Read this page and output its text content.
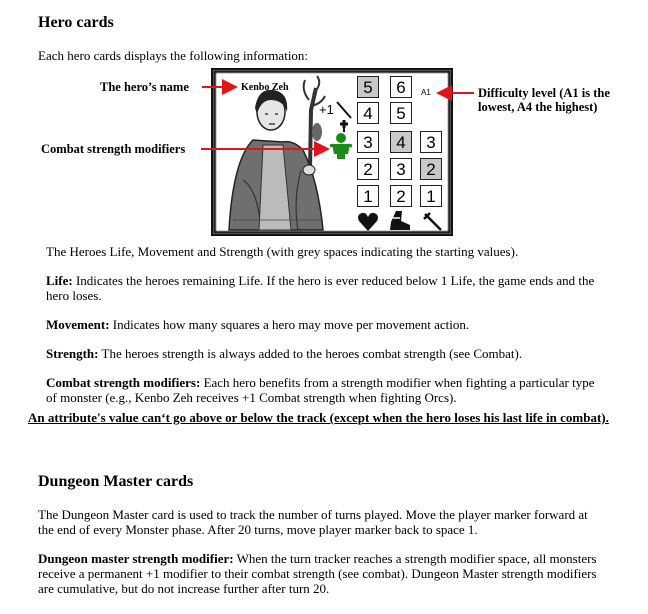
Hero cards
Each hero cards displays the following information:
The hero’s name
Combat strength modifiers
Difficulty level (A1 is the
lowest, A4 the highest)
Kenbo Zeh	A1
+1
5
4
3
2
1
6
5
4
3
2
3
2
1
The Heroes Life, Movement and Strength (with grey spaces indicating the starting values).
Life: Indicates the heroes remaining Life. If the hero is ever reduced below 1 Life, the game ends and the
hero loses.
Movement: Indicates how many squares a hero may move per movement action.
Strength: The heroes strength is always added to the heroes combat strength (see Combat).
Combat strength modifiers: Each hero benefits from a strength modifier when fighting a particular type
of monster (e.g., Kenbo Zeh receives +1 Combat strength when fighting Orcs).
An attribute's value can‘t go above or below the track (except when the hero loses his last life in combat).
Dungeon Master cards
The Dungeon Master card is used to track the number of turns played. Move the player marker forward at
the end of every Monster phase. After 20 turns, move player marker back to space 1.
Dungeon master strength modifier: When the turn tracker reaches a strength modifier space, all monsters
receive a permanent +1 modifier to their combat strength (see combat). Dungeon Master strength modifiers
are cumulative, but do not increase further after turn 20.
